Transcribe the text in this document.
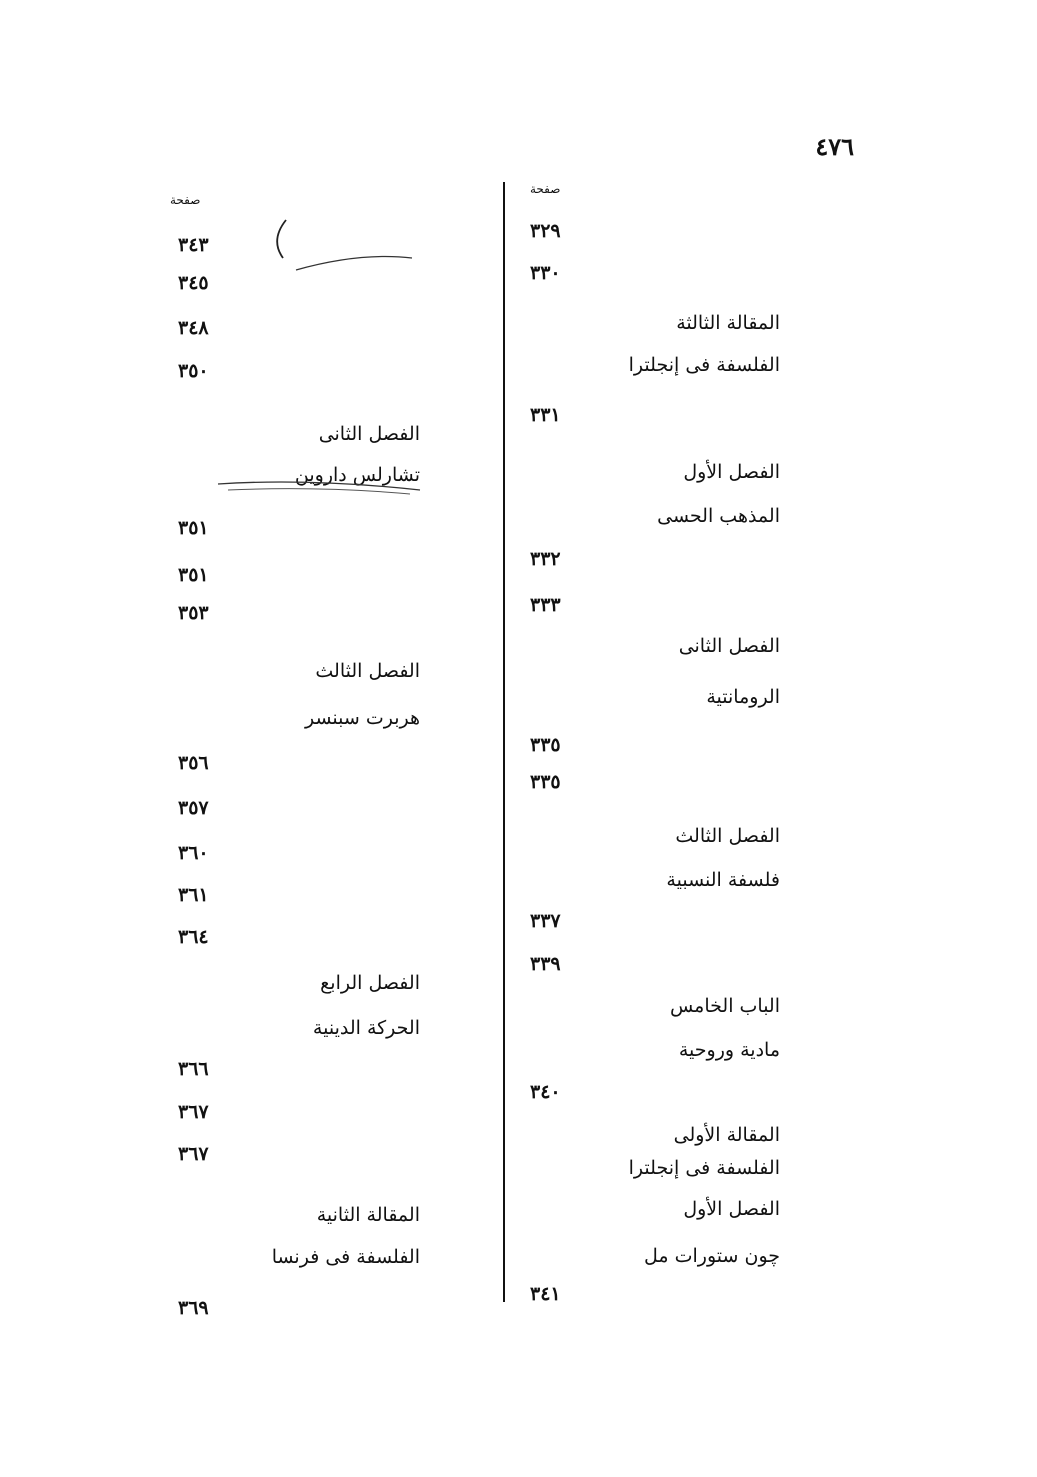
٤٧٦
صفحة
صفحة
٣٢٩
٣٣٠
المقالة الثالثة
الفلسفة فى إنجلترا
٣٣١
الفصل الأول
المذهب الحسى
٣٣٢
٣٣٣
الفصل الثانى
الرومانتية
٣٣٥
٣٣٥
الفصل الثالث
فلسفة النسبية
٣٣٧
٣٣٩
الباب الخامس
مادية وروحية
٣٤٠
المقالة الأولى
الفلسفة فى إنجلترا
الفصل الأول
چون ستورات مل
٣٤١
٣٤٣
٣٤٥
٣٤٨
٣٥٠
الفصل الثانى
تشارلس داروين
٣٥١
٣٥١
٣٥٣
الفصل الثالث
هربرت سبنسر
٣٥٦
٣٥٧
٣٦٠
٣٦١
٣٦٤
الفصل الرابع
الحركة الدينية
٣٦٦
٣٦٧
٣٦٧
المقالة الثانية
الفلسفة فى فرنسا
٣٦٩
